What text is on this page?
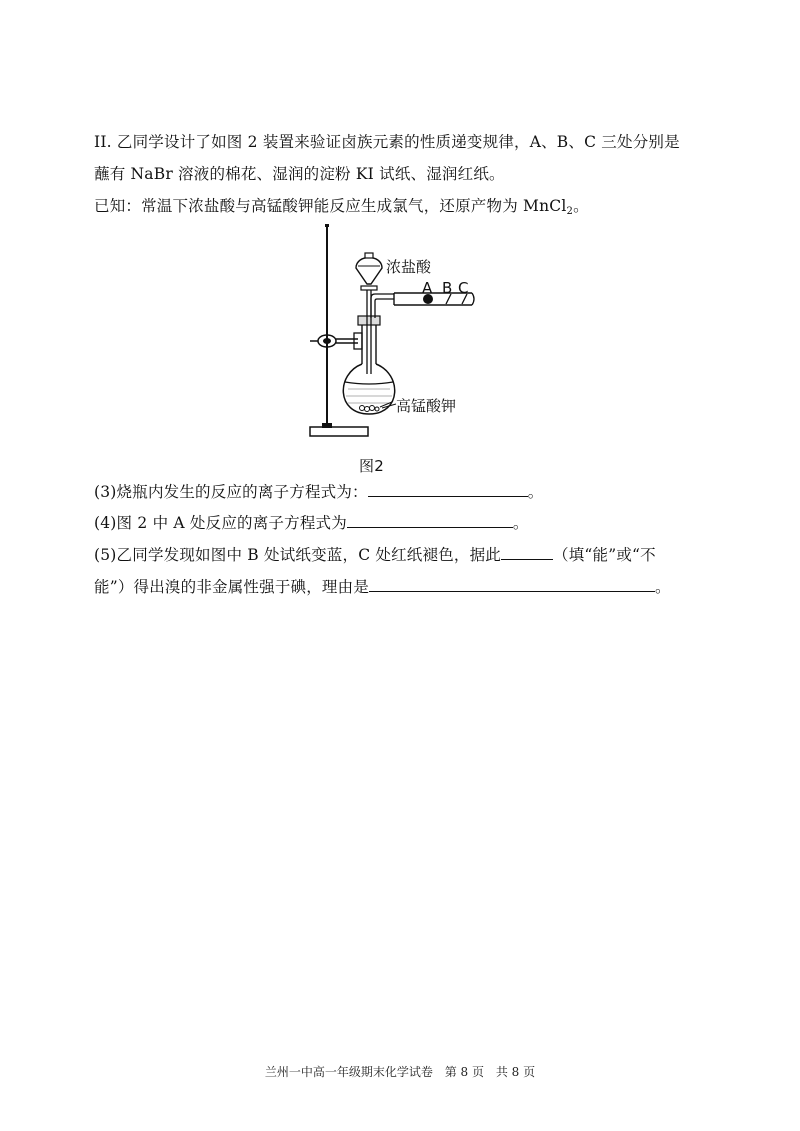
II. 乙同学设计了如图 2 装置来验证卤族元素的性质递变规律，A、B、C 三处分别是
蘸有 NaBr 溶液的棉花、湿润的淀粉 KI 试纸、湿润红纸。
已知：常温下浓盐酸与高锰酸钾能反应生成氯气，还原产物为 MnCl$_2$。
浓盐酸
A B C
高锰酸钾
图2
(3)烧瓶内发生的反应的离子方程式为：	。
(4)图 2 中 A 处反应的离子方程式为	。
(5)乙同学发现如图中 B 处试纸变蓝，C 处红纸褪色，据此	（填“能”或“不
能”）得出溴的非金属性强于碘，理由是	。
兰州一中高一年级期末化学试卷 第 8 页 共 8 页
